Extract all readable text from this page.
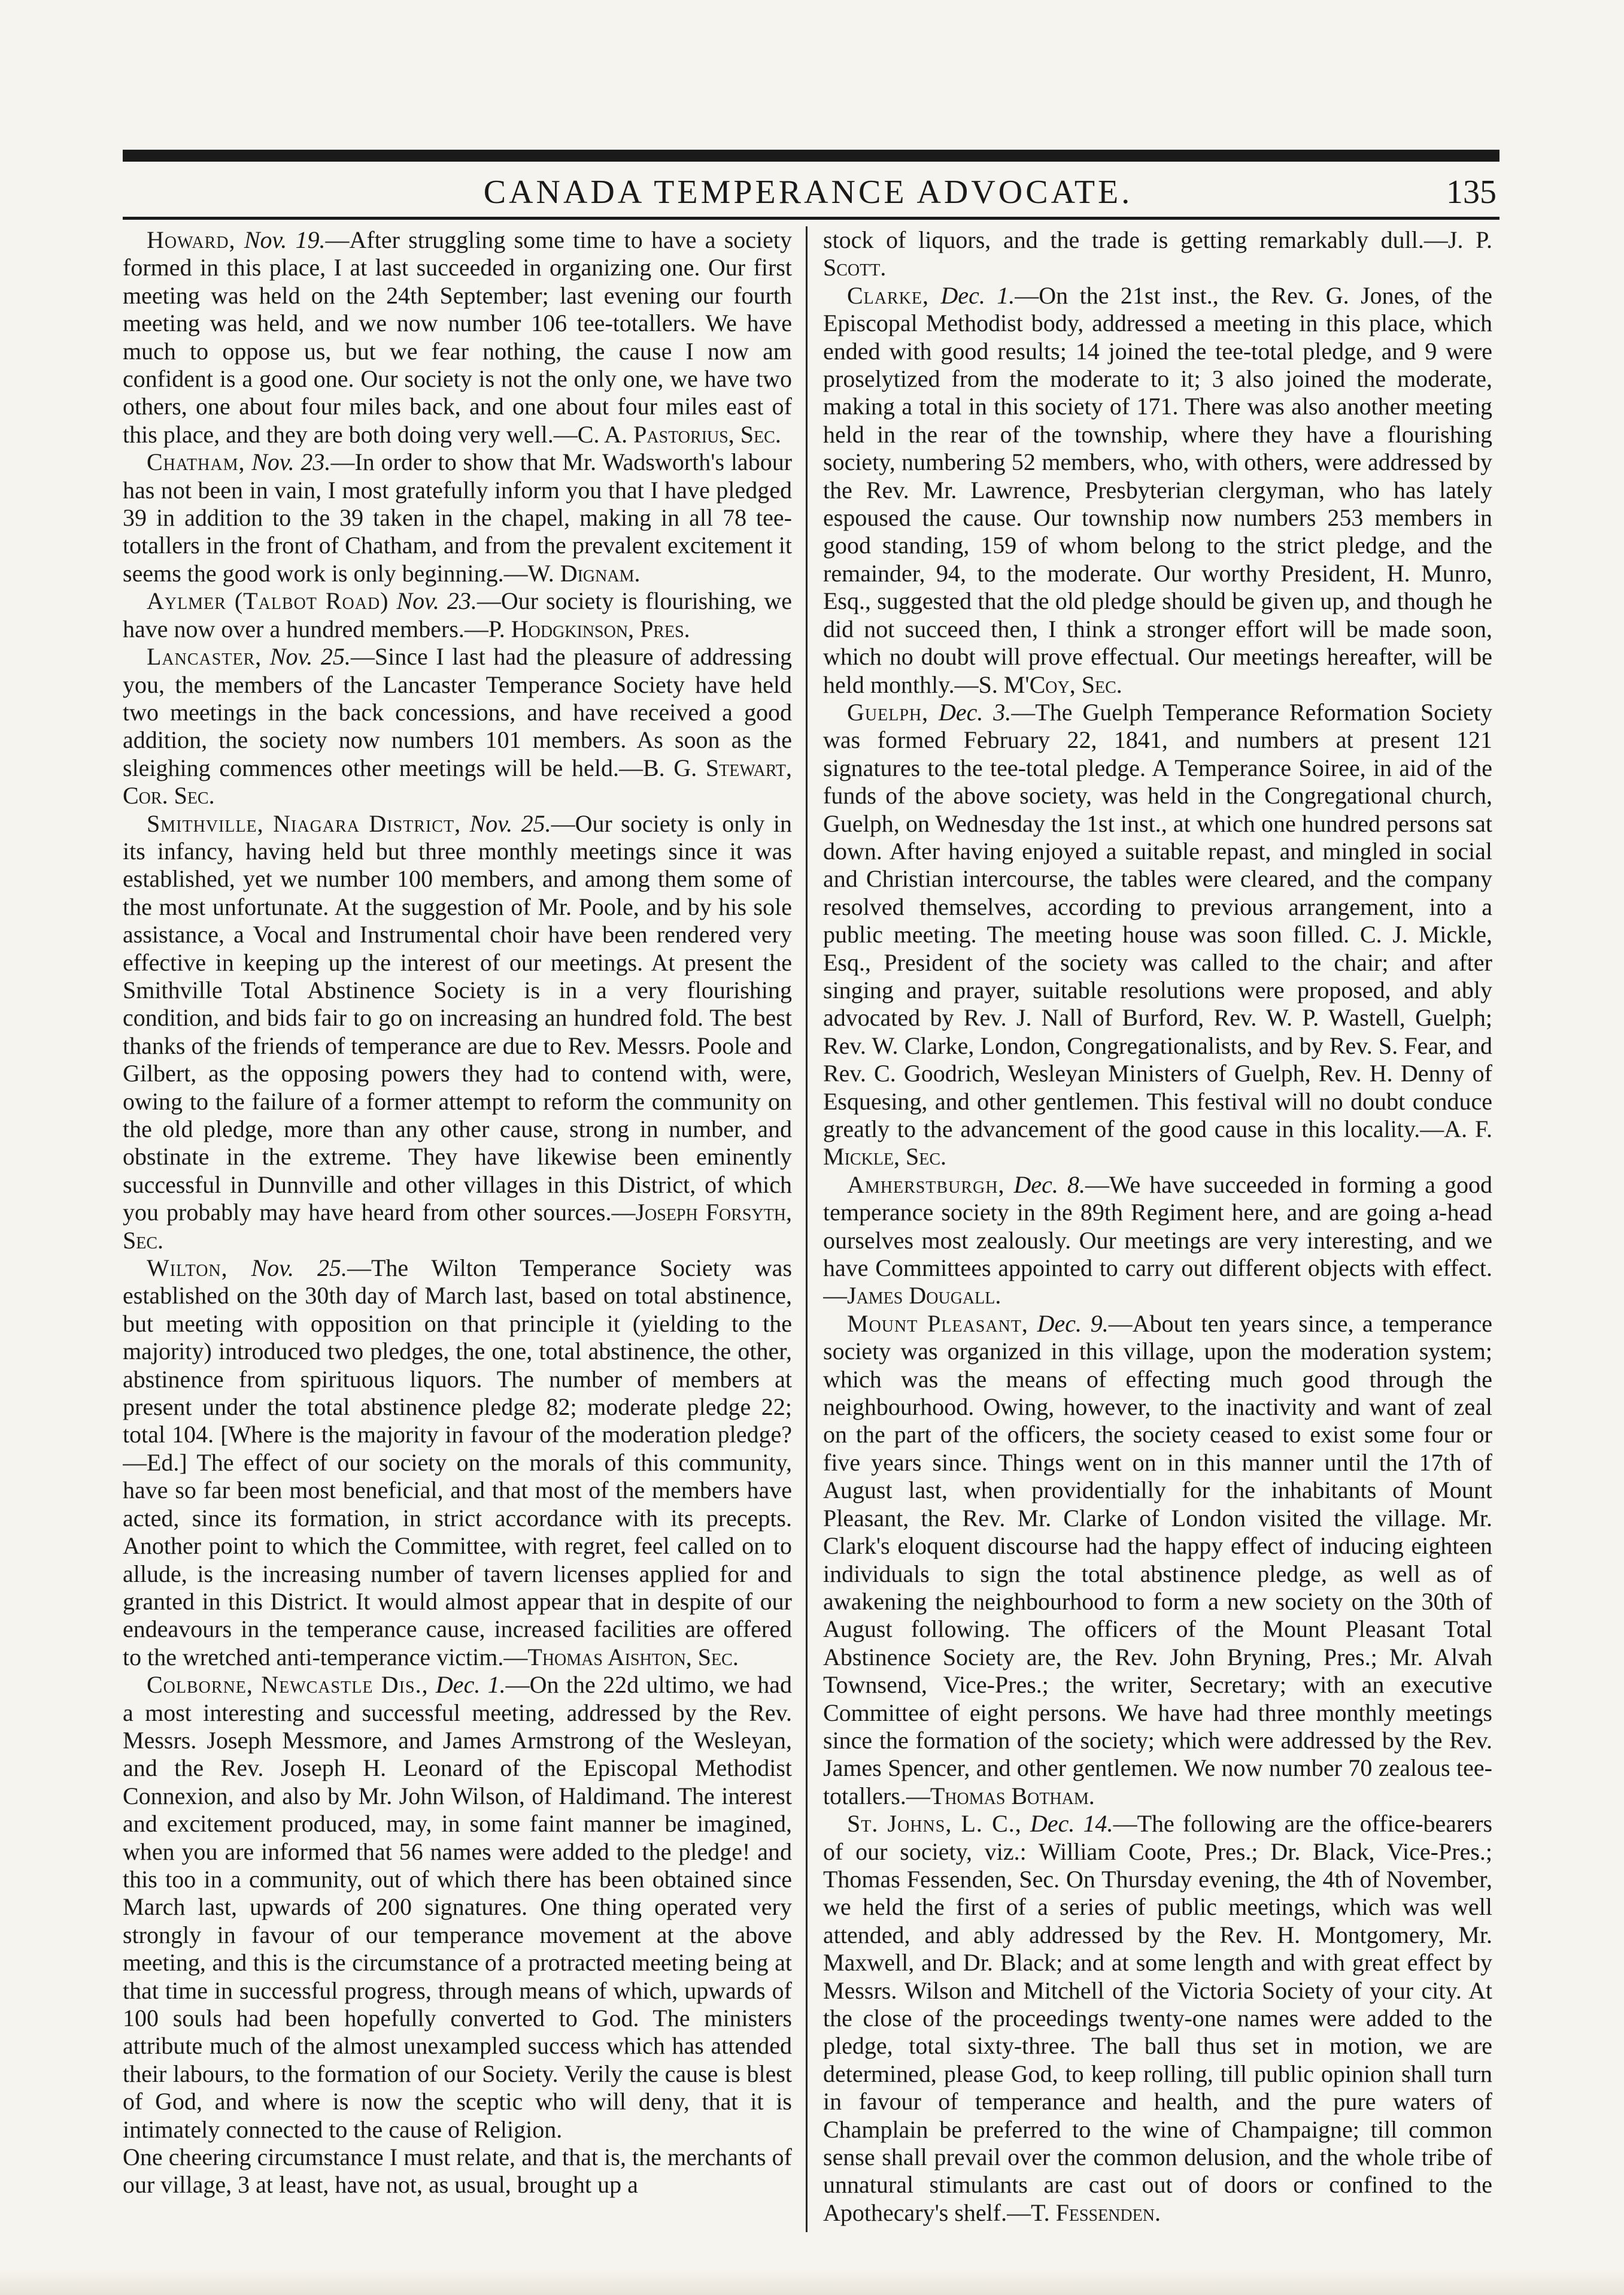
CANADA TEMPERANCE ADVOCATE.	135

Howard, Nov. 19.—After struggling some time to have a society formed in this place, I at last succeeded in organizing one. Our first meeting was held on the 24th September; last evening our fourth meeting was held, and we now number 106 tee-totallers. We have much to oppose us, but we fear nothing, the cause I now am confident is a good one. Our society is not the only one, we have two others, one about four miles back, and one about four miles east of this place, and they are both doing very well.—C. A. Pastorius, Sec.

Chatham, Nov. 23.—In order to show that Mr. Wadsworth's labour has not been in vain, I most gratefully inform you that I have pledged 39 in addition to the 39 taken in the chapel, making in all 78 tee-totallers in the front of Chatham, and from the prevalent excitement it seems the good work is only beginning.—W. Dignam.

Aylmer (Talbot Road) Nov. 23.—Our society is flourishing, we have now over a hundred members.—P. Hodgkinson, Pres.

Lancaster, Nov. 25.—Since I last had the pleasure of addressing you, the members of the Lancaster Temperance Society have held two meetings in the back concessions, and have received a good addition, the society now numbers 101 members. As soon as the sleighing commences other meetings will be held.—B. G. Stewart, Cor. Sec.

Smithville, Niagara District, Nov. 25.—Our society is only in its infancy, having held but three monthly meetings since it was established, yet we number 100 members, and among them some of the most unfortunate. At the suggestion of Mr. Poole, and by his sole assistance, a Vocal and Instrumental choir have been rendered very effective in keeping up the interest of our meetings. At present the Smithville Total Abstinence Society is in a very flourishing condition, and bids fair to go on increasing an hundred fold. The best thanks of the friends of temperance are due to Rev. Messrs. Poole and Gilbert, as the opposing powers they had to contend with, were, owing to the failure of a former attempt to reform the community on the old pledge, more than any other cause, strong in number, and obstinate in the extreme. They have likewise been eminently successful in Dunnville and other villages in this District, of which you probably may have heard from other sources.—Joseph Forsyth, Sec.

Wilton, Nov. 25.—The Wilton Temperance Society was established on the 30th day of March last, based on total abstinence, but meeting with opposition on that principle it (yielding to the majority) introduced two pledges, the one, total abstinence, the other, abstinence from spirituous liquors. The number of members at present under the total abstinence pledge 82; moderate pledge 22; total 104. [Where is the majority in favour of the moderation pledge?—Ed.] The effect of our society on the morals of this community, have so far been most beneficial, and that most of the members have acted, since its formation, in strict accordance with its precepts. Another point to which the Committee, with regret, feel called on to allude, is the increasing number of tavern licenses applied for and granted in this District. It would almost appear that in despite of our endeavours in the temperance cause, increased facilities are offered to the wretched anti-temperance victim.—Thomas Aishton, Sec.

Colborne, Newcastle Dis., Dec. 1.—On the 22d ultimo, we had a most interesting and successful meeting, addressed by the Rev. Messrs. Joseph Messmore, and James Armstrong of the Wesleyan, and the Rev. Joseph H. Leonard of the Episcopal Methodist Connexion, and also by Mr. John Wilson, of Haldimand. The interest and excitement produced, may, in some faint manner be imagined, when you are informed that 56 names were added to the pledge! and this too in a community, out of which there has been obtained since March last, upwards of 200 signatures. One thing operated very strongly in favour of our temperance movement at the above meeting, and this is the circumstance of a protracted meeting being at that time in successful progress, through means of which, upwards of 100 souls had been hopefully converted to God. The ministers attribute much of the almost unexampled success which has attended their labours, to the formation of our Society. Verily the cause is blest of God, and where is now the sceptic who will deny, that it is intimately connected to the cause of Religion.

One cheering circumstance I must relate, and that is, the merchants of our village, 3 at least, have not, as usual, brought up a

stock of liquors, and the trade is getting remarkably dull.—J. P. Scott.

Clarke, Dec. 1.—On the 21st inst., the Rev. G. Jones, of the Episcopal Methodist body, addressed a meeting in this place, which ended with good results; 14 joined the tee-total pledge, and 9 were proselytized from the moderate to it; 3 also joined the moderate, making a total in this society of 171. There was also another meeting held in the rear of the township, where they have a flourishing society, numbering 52 members, who, with others, were addressed by the Rev. Mr. Lawrence, Presbyterian clergyman, who has lately espoused the cause. Our township now numbers 253 members in good standing, 159 of whom belong to the strict pledge, and the remainder, 94, to the moderate. Our worthy President, H. Munro, Esq., suggested that the old pledge should be given up, and though he did not succeed then, I think a stronger effort will be made soon, which no doubt will prove effectual. Our meetings hereafter, will be held monthly.—S. M'Coy, Sec.

Guelph, Dec. 3.—The Guelph Temperance Reformation Society was formed February 22, 1841, and numbers at present 121 signatures to the tee-total pledge. A Temperance Soiree, in aid of the funds of the above society, was held in the Congregational church, Guelph, on Wednesday the 1st inst., at which one hundred persons sat down. After having enjoyed a suitable repast, and mingled in social and Christian intercourse, the tables were cleared, and the company resolved themselves, according to previous arrangement, into a public meeting. The meeting house was soon filled. C. J. Mickle, Esq., President of the society was called to the chair; and after singing and prayer, suitable resolutions were proposed, and ably advocated by Rev. J. Nall of Burford, Rev. W. P. Wastell, Guelph; Rev. W. Clarke, London, Congregationalists, and by Rev. S. Fear, and Rev. C. Goodrich, Wesleyan Ministers of Guelph, Rev. H. Denny of Esquesing, and other gentlemen. This festival will no doubt conduce greatly to the advancement of the good cause in this locality.—A. F. Mickle, Sec.

Amherstburgh, Dec. 8.—We have succeeded in forming a good temperance society in the 89th Regiment here, and are going a-head ourselves most zealously. Our meetings are very interesting, and we have Committees appointed to carry out different objects with effect.—James Dougall.

Mount Pleasant, Dec. 9.—About ten years since, a temperance society was organized in this village, upon the moderation system; which was the means of effecting much good through the neighbourhood. Owing, however, to the inactivity and want of zeal on the part of the officers, the society ceased to exist some four or five years since. Things went on in this manner until the 17th of August last, when providentially for the inhabitants of Mount Pleasant, the Rev. Mr. Clarke of London visited the village. Mr. Clark's eloquent discourse had the happy effect of inducing eighteen individuals to sign the total abstinence pledge, as well as of awakening the neighbourhood to form a new society on the 30th of August following. The officers of the Mount Pleasant Total Abstinence Society are, the Rev. John Bryning, Pres.; Mr. Alvah Townsend, Vice-Pres.; the writer, Secretary; with an executive Committee of eight persons. We have had three monthly meetings since the formation of the society; which were addressed by the Rev. James Spencer, and other gentlemen. We now number 70 zealous tee-totallers.—Thomas Botham.

St. Johns, L. C., Dec. 14.—The following are the office-bearers of our society, viz.: William Coote, Pres.; Dr. Black, Vice-Pres.; Thomas Fessenden, Sec. On Thursday evening, the 4th of November, we held the first of a series of public meetings, which was well attended, and ably addressed by the Rev. H. Montgomery, Mr. Maxwell, and Dr. Black; and at some length and with great effect by Messrs. Wilson and Mitchell of the Victoria Society of your city. At the close of the proceedings twenty-one names were added to the pledge, total sixty-three. The ball thus set in motion, we are determined, please God, to keep rolling, till public opinion shall turn in favour of temperance and health, and the pure waters of Champlain be preferred to the wine of Champaigne; till common sense shall prevail over the common delusion, and the whole tribe of unnatural stimulants are cast out of doors or confined to the Apothecary's shelf.—T. Fessenden.
